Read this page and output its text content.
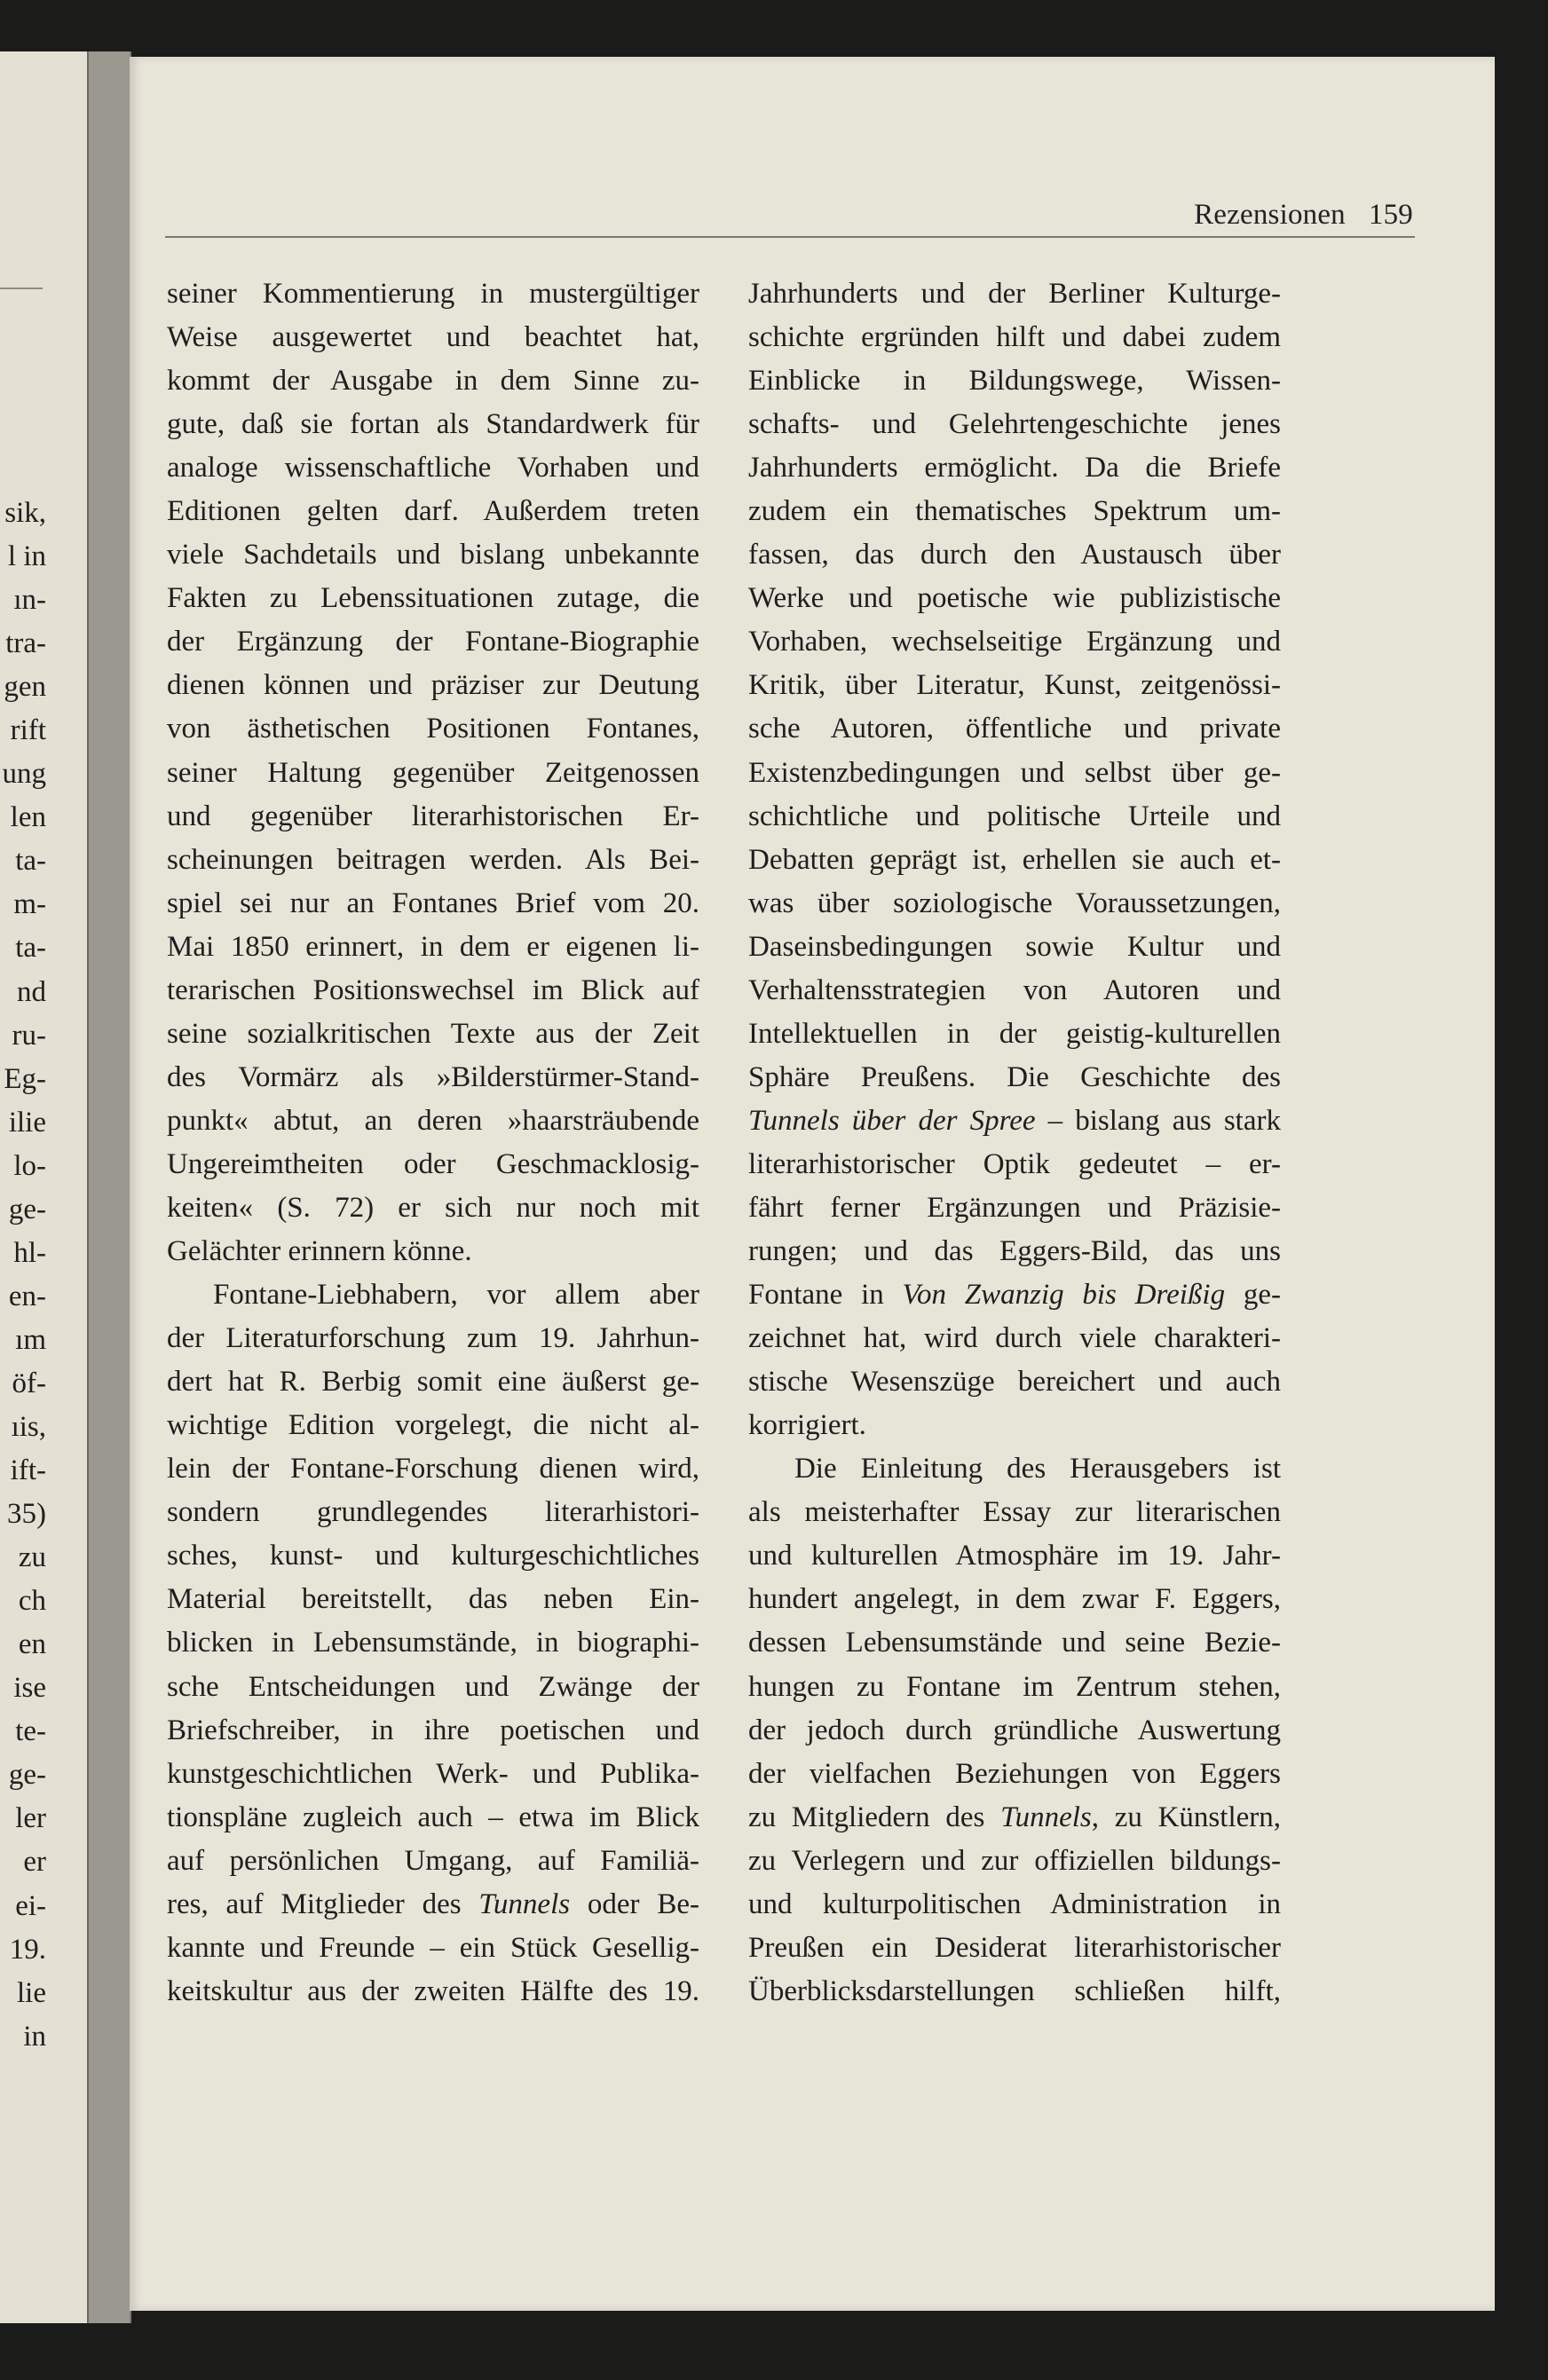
sik,
l in
ın-
tra-
gen
rift
ung
len
ta-
m-
ta-
nd
ru-
Eg-
ilie
lo-
ge-
hl-
en-
ım
öf-
ıis,
ift-
35)
zu
ch
en
ise
te-
ge-
ler
er
ei-
19.
lie
in
Rezensionen 159
seiner Kommentierung in mustergültiger
Weise ausgewertet und beachtet hat,
kommt der Ausgabe in dem Sinne zu-
gute, daß sie fortan als Standardwerk für
analoge wissenschaftliche Vorhaben und
Editionen gelten darf. Außerdem treten
viele Sachdetails und bislang unbekannte
Fakten zu Lebenssituationen zutage, die
der Ergänzung der Fontane-Biographie
dienen können und präziser zur Deutung
von ästhetischen Positionen Fontanes,
seiner Haltung gegenüber Zeitgenossen
und gegenüber literarhistorischen Er-
scheinungen beitragen werden. Als Bei-
spiel sei nur an Fontanes Brief vom 20.
Mai 1850 erinnert, in dem er eigenen li-
terarischen Positionswechsel im Blick auf
seine sozialkritischen Texte aus der Zeit
des Vormärz als »Bilderstürmer-Stand-
punkt« abtut, an deren »haarsträubende
Ungereimtheiten oder Geschmacklosig-
keiten« (S. 72) er sich nur noch mit
Gelächter erinnern könne.
Fontane-Liebhabern, vor allem aber
der Literaturforschung zum 19. Jahrhun-
dert hat R. Berbig somit eine äußerst ge-
wichtige Edition vorgelegt, die nicht al-
lein der Fontane-Forschung dienen wird,
sondern grundlegendes literarhistori-
sches, kunst- und kulturgeschichtliches
Material bereitstellt, das neben Ein-
blicken in Lebensumstände, in biographi-
sche Entscheidungen und Zwänge der
Briefschreiber, in ihre poetischen und
kunstgeschichtlichen Werk- und Publika-
tionspläne zugleich auch – etwa im Blick
auf persönlichen Umgang, auf Familiä-
res, auf Mitglieder des Tunnels oder Be-
kannte und Freunde – ein Stück Gesellig-
keitskultur aus der zweiten Hälfte des 19.
Jahrhunderts und der Berliner Kulturge-
schichte ergründen hilft und dabei zudem
Einblicke in Bildungswege, Wissen-
schafts- und Gelehrtengeschichte jenes
Jahrhunderts ermöglicht. Da die Briefe
zudem ein thematisches Spektrum um-
fassen, das durch den Austausch über
Werke und poetische wie publizistische
Vorhaben, wechselseitige Ergänzung und
Kritik, über Literatur, Kunst, zeitgenössi-
sche Autoren, öffentliche und private
Existenzbedingungen und selbst über ge-
schichtliche und politische Urteile und
Debatten geprägt ist, erhellen sie auch et-
was über soziologische Voraussetzungen,
Daseinsbedingungen sowie Kultur und
Verhaltensstrategien von Autoren und
Intellektuellen in der geistig-kulturellen
Sphäre Preußens. Die Geschichte des
Tunnels über der Spree – bislang aus stark
literarhistorischer Optik gedeutet – er-
fährt ferner Ergänzungen und Präzisie-
rungen; und das Eggers-Bild, das uns
Fontane in Von Zwanzig bis Dreißig ge-
zeichnet hat, wird durch viele charakteri-
stische Wesenszüge bereichert und auch
korrigiert.
Die Einleitung des Herausgebers ist
als meisterhafter Essay zur literarischen
und kulturellen Atmosphäre im 19. Jahr-
hundert angelegt, in dem zwar F. Eggers,
dessen Lebensumstände und seine Bezie-
hungen zu Fontane im Zentrum stehen,
der jedoch durch gründliche Auswertung
der vielfachen Beziehungen von Eggers
zu Mitgliedern des Tunnels, zu Künstlern,
zu Verlegern und zur offiziellen bildungs-
und kulturpolitischen Administration in
Preußen ein Desiderat literarhistorischer
Überblicksdarstellungen schließen hilft,
